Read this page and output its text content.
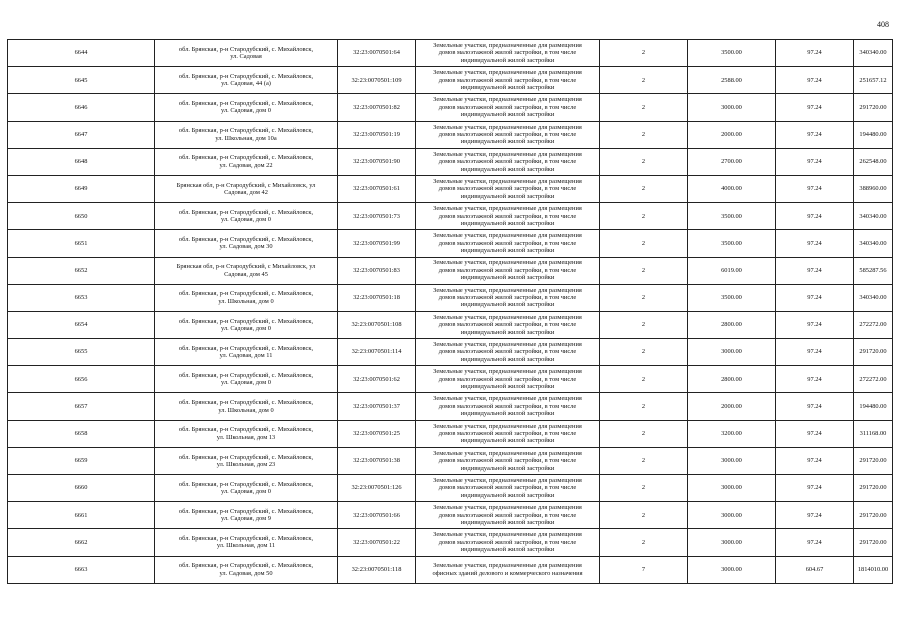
408
6644	обл. Брянская, р-н Стародубский, с. Михайловск,
ул. Садовая	32:23:0070501:64	Земельные участки, предназначенные для размещения
домов малоэтажной жилой застройки, в том числе
индивидуальной жилой застройки	2	3500.00	97.24	340340.00
6645	обл. Брянская, р-н Стародубский, с. Михайловск,
ул. Садовая, 44 (а)	32:23:0070501:109	Земельные участки, предназначенные для размещения
домов малоэтажной жилой застройки, в том числе
индивидуальной жилой застройки	2	2588.00	97.24	251657.12
6646	обл. Брянская, р-н Стародубский, с. Михайловск,
ул. Садовая, дом 0	32:23:0070501:82	Земельные участки, предназначенные для размещения
домов малоэтажной жилой застройки, в том числе
индивидуальной жилой застройки	2	3000.00	97.24	291720.00
6647	обл. Брянская, р-н Стародубский, с. Михайловск,
ул. Школьная, дом 10а	32:23:0070501:19	Земельные участки, предназначенные для размещения
домов малоэтажной жилой застройки, в том числе
индивидуальной жилой застройки	2	2000.00	97.24	194480.00
6648	обл. Брянская, р-н Стародубский, с. Михайловск,
ул. Садовая, дом 22	32:23:0070501:90	Земельные участки, предназначенные для размещения
домов малоэтажной жилой застройки, в том числе
индивидуальной жилой застройки	2	2700.00	97.24	262548.00
6649	Брянская обл, р-н Стародубский, с Михайловск, ул
Садовая, дом 42	32:23:0070501:61	Земельные участки, предназначенные для размещения
домов малоэтажной жилой застройки, в том числе
индивидуальной жилой застройки	2	4000.00	97.24	388960.00
6650	обл. Брянская, р-н Стародубский, с. Михайловск,
ул. Садовая, дом 0	32:23:0070501:73	Земельные участки, предназначенные для размещения
домов малоэтажной жилой застройки, в том числе
индивидуальной жилой застройки	2	3500.00	97.24	340340.00
6651	обл. Брянская, р-н Стародубский, с. Михайловск,
ул. Садовая, дом 30	32:23:0070501:99	Земельные участки, предназначенные для размещения
домов малоэтажной жилой застройки, в том числе
индивидуальной жилой застройки	2	3500.00	97.24	340340.00
6652	Брянская обл, р-н Стародубский, с Михайловск, ул
Садовая, дом 45	32:23:0070501:83	Земельные участки, предназначенные для размещения
домов малоэтажной жилой застройки, в том числе
индивидуальной жилой застройки	2	6019.00	97.24	585287.56
6653	обл. Брянская, р-н Стародубский, с. Михайловск,
ул. Школьная, дом 0	32:23:0070501:18	Земельные участки, предназначенные для размещения
домов малоэтажной жилой застройки, в том числе
индивидуальной жилой застройки	2	3500.00	97.24	340340.00
6654	обл. Брянская, р-н Стародубский, с. Михайловск,
ул. Садовая, дом 0	32:23:0070501:108	Земельные участки, предназначенные для размещения
домов малоэтажной жилой застройки, в том числе
индивидуальной жилой застройки	2	2800.00	97.24	272272.00
6655	обл. Брянская, р-н Стародубский, с. Михайловск,
ул. Садовая, дом 11	32:23:0070501:114	Земельные участки, предназначенные для размещения
домов малоэтажной жилой застройки, в том числе
индивидуальной жилой застройки	2	3000.00	97.24	291720.00
6656	обл. Брянская, р-н Стародубский, с. Михайловск,
ул. Садовая, дом 0	32:23:0070501:62	Земельные участки, предназначенные для размещения
домов малоэтажной жилой застройки, в том числе
индивидуальной жилой застройки	2	2800.00	97.24	272272.00
6657	обл. Брянская, р-н Стародубский, с. Михайловск,
ул. Школьная, дом 0	32:23:0070501:37	Земельные участки, предназначенные для размещения
домов малоэтажной жилой застройки, в том числе
индивидуальной жилой застройки	2	2000.00	97.24	194480.00
6658	обл. Брянская, р-н Стародубский, с. Михайловск,
ул. Школьная, дом 13	32:23:0070501:25	Земельные участки, предназначенные для размещения
домов малоэтажной жилой застройки, в том числе
индивидуальной жилой застройки	2	3200.00	97.24	311168.00
6659	обл. Брянская, р-н Стародубский, с. Михайловск,
ул. Школьная, дом 23	32:23:0070501:38	Земельные участки, предназначенные для размещения
домов малоэтажной жилой застройки, в том числе
индивидуальной жилой застройки	2	3000.00	97.24	291720.00
6660	обл. Брянская, р-н Стародубский, с. Михайловск,
ул. Садовая, дом 0	32:23:0070501:126	Земельные участки, предназначенные для размещения
домов малоэтажной жилой застройки, в том числе
индивидуальной жилой застройки	2	3000.00	97.24	291720.00
6661	обл. Брянская, р-н Стародубский, с. Михайловск,
ул. Садовая, дом 9	32:23:0070501:66	Земельные участки, предназначенные для размещения
домов малоэтажной жилой застройки, в том числе
индивидуальной жилой застройки	2	3000.00	97.24	291720.00
6662	обл. Брянская, р-н Стародубский, с. Михайловск,
ул. Школьная, дом 11	32:23:0070501:22	Земельные участки, предназначенные для размещения
домов малоэтажной жилой застройки, в том числе
индивидуальной жилой застройки	2	3000.00	97.24	291720.00
6663	обл. Брянская, р-н Стародубский, с. Михайловск,
ул. Садовая, дом 50	32:23:0070501:118	Земельные участки, предназначенные для размещения
офисных зданий делового и коммерческого назначения	7	3000.00	604.67	1814010.00
